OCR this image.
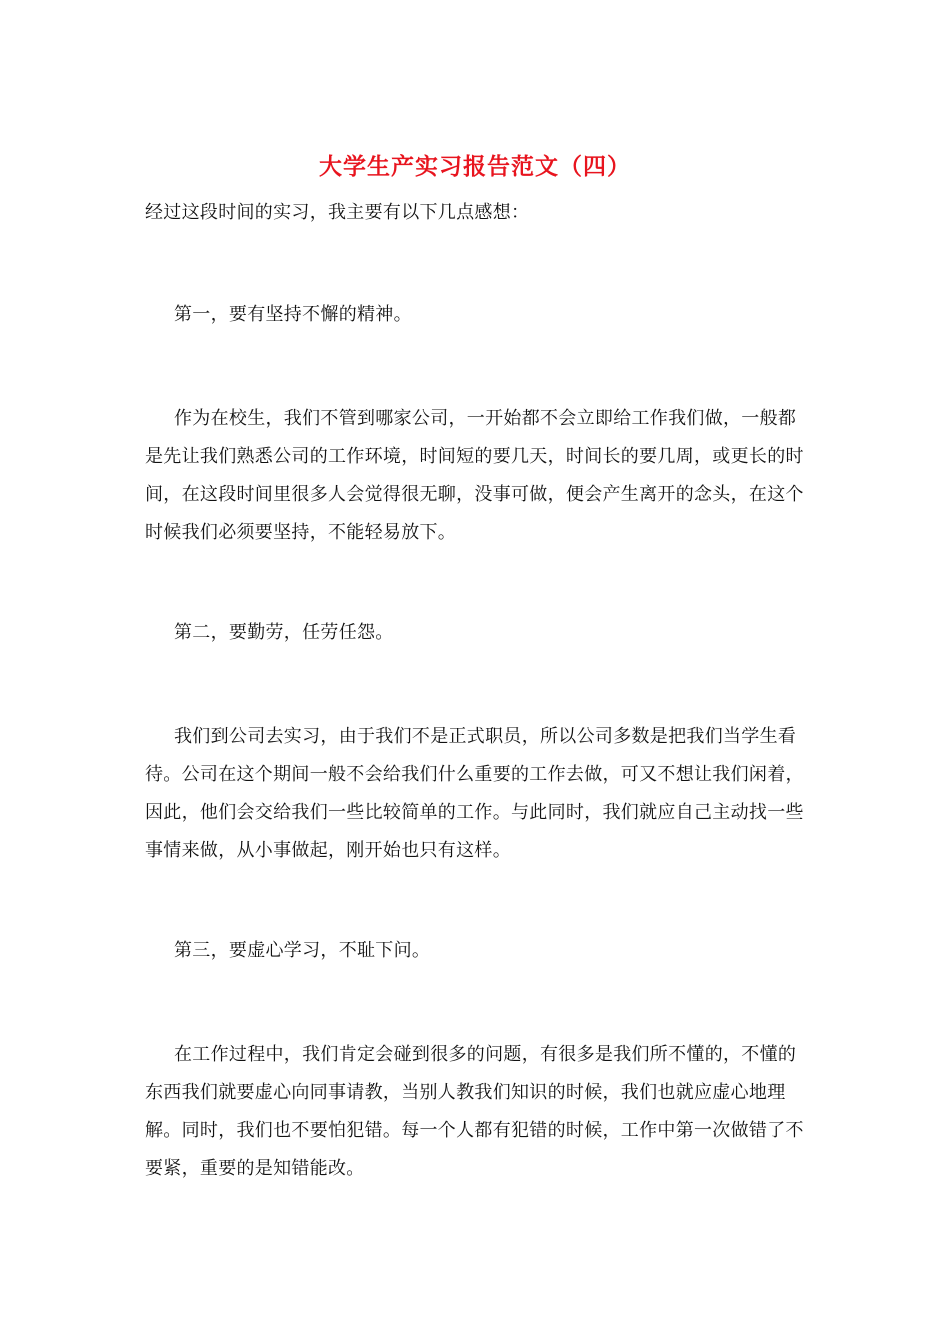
大学生产实习报告范文（四）
经过这段时间的实习，我主要有以下几点感想：
第一，要有坚持不懈的精神。
作为在校生，我们不管到哪家公司，一开始都不会立即给工作我们做，一般都是先让我们熟悉公司的工作环境，时间短的要几天，时间长的要几周，或更长的时间，在这段时间里很多人会觉得很无聊，没事可做，便会产生离开的念头，在这个时候我们必须要坚持，不能轻易放下。
第二，要勤劳，任劳任怨。
我们到公司去实习，由于我们不是正式职员，所以公司多数是把我们当学生看待。公司在这个期间一般不会给我们什么重要的工作去做，可又不想让我们闲着，因此，他们会交给我们一些比较简单的工作。与此同时，我们就应自己主动找一些事情来做，从小事做起，刚开始也只有这样。
第三，要虚心学习，不耻下问。
在工作过程中，我们肯定会碰到很多的问题，有很多是我们所不懂的，不懂的东西我们就要虚心向同事请教，当别人教我们知识的时候，我们也就应虚心地理解。同时，我们也不要怕犯错。每一个人都有犯错的时候，工作中第一次做错了不要紧，重要的是知错能改。
